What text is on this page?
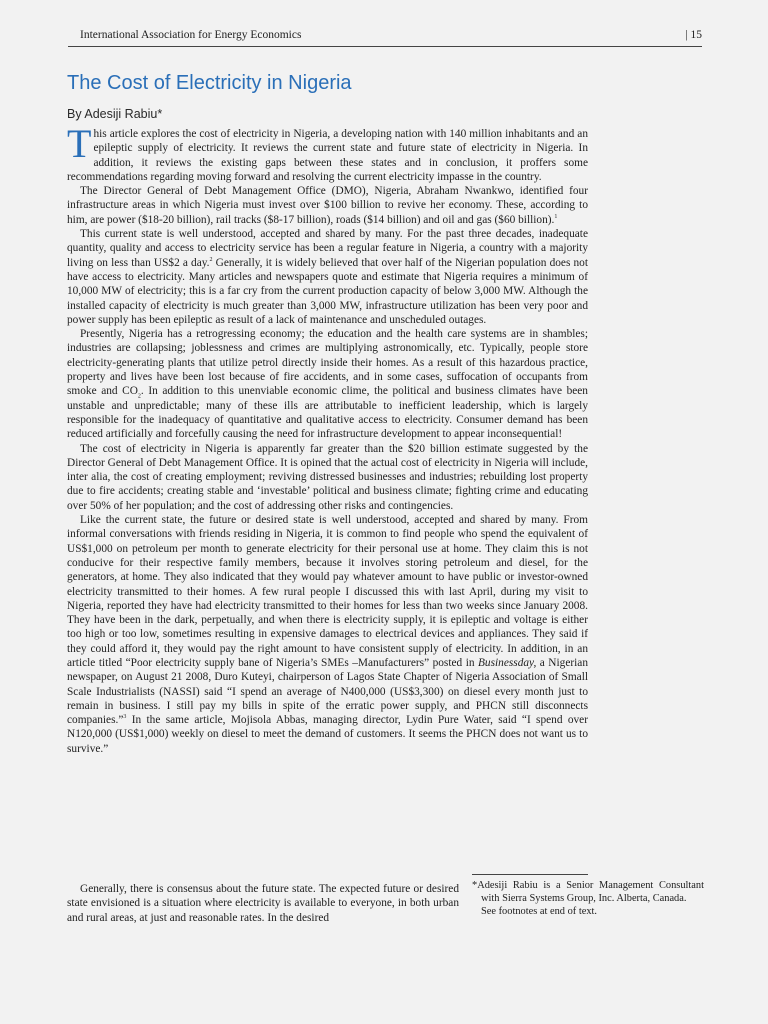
International Association for Energy Economics	| 15
The Cost of Electricity in Nigeria
By Adesiji Rabiu*

This article explores the cost of electricity in Nigeria, a developing nation with 140 million inhabitants and an epileptic supply of electricity. It reviews the current state and future state of electricity in Nigeria. In addition, it reviews the existing gaps between these states and in conclusion, it proffers some recommendations regarding moving forward and resolving the current electricity impasse in the country.

The Director General of Debt Management Office (DMO), Nigeria, Abraham Nwankwo, identified four infrastructure areas in which Nigeria must invest over $100 billion to revive her economy. These, according to him, are power ($18-20 billion), rail tracks ($8-17 billion), roads ($14 billion) and oil and gas ($60 billion).$^1$

This current state is well understood, accepted and shared by many. For the past three decades, inadequate quantity, quality and access to electricity service has been a regular feature in Nigeria, a country with a majority living on less than US$2 a day.$^2$ Generally, it is widely believed that over half of the Nigerian population does not have access to electricity. Many articles and newspapers quote and estimate that Nigeria requires a minimum of 10,000 MW of electricity; this is a far cry from the current production capacity of below 3,000 MW. Although the installed capacity of electricity is much greater than 3,000 MW, infrastructure utilization has been very poor and power supply has been epileptic as result of a lack of maintenance and unscheduled outages.

Presently, Nigeria has a retrogressing economy; the education and the health care systems are in shambles; industries are collapsing; joblessness and crimes are multiplying astronomically, etc. Typically, people store electricity-generating plants that utilize petrol directly inside their homes. As a result of this hazardous practice, property and lives have been lost because of fire accidents, and in some cases, suffocation of occupants from smoke and $CO_2$. In addition to this unenviable economic clime, the political and business climates have been unstable and unpredictable; many of these ills are attributable to inefficient leadership, which is largely responsible for the inadequacy of quantitative and qualitative access to electricity. Consumer demand has been reduced artificially and forcefully causing the need for infrastructure development to appear inconsequential!

The cost of electricity in Nigeria is apparently far greater than the $20 billion estimate suggested by the Director General of Debt Management Office. It is opined that the actual cost of electricity in Nigeria will include, inter alia, the cost of creating employment; reviving distressed businesses and industries; rebuilding lost property due to fire accidents; creating stable and ‘investable’ political and business climate; fighting crime and educating over 50% of her population; and the cost of addressing other risks and contingencies.

Like the current state, the future or desired state is well understood, accepted and shared by many. From informal conversations with friends residing in Nigeria, it is common to find people who spend the equivalent of US$1,000 on petroleum per month to generate electricity for their personal use at home. They claim this is not conducive for their respective family members, because it involves storing petroleum and diesel, for the generators, at home. They also indicated that they would pay whatever amount to have public or investor-owned electricity transmitted to their homes. A few rural people I discussed this with last April, during my visit to Nigeria, reported they have had electricity transmitted to their homes for less than two weeks since January 2008. They have been in the dark, perpetually, and when there is electricity supply, it is epileptic and voltage is either too high or too low, sometimes resulting in expensive damages to electrical devices and appliances. They said if they could afford it, they would pay the right amount to have consistent supply of electricity. In addition, in an article titled “Poor electricity supply bane of Nigeria’s SMEs –Manufacturers” posted in Businessday, a Nigerian newspaper, on August 21 2008, Duro Kuteyi, chairperson of Lagos State Chapter of Nigeria Association of Small Scale Industrialists (NASSI) said “I spend an average of N400,000 (US$3,300) on diesel every month just to remain in business. I still pay my bills in spite of the erratic power supply, and PHCN still disconnects companies.”$^3$ In the same article, Mojisola Abbas, managing director, Lydin Pure Water, said “I spend over N120,000 (US$1,000) weekly on diesel to meet the demand of customers. It seems the PHCN does not want us to survive.”

Generally, there is consensus about the future state. The expected future or desired state envisioned is a situation where electricity is available to everyone, in both urban and rural areas, at just and reasonable rates. In the desired

*Adesiji Rabiu is a Senior Management Consultant with Sierra Systems Group, Inc. Alberta, Canada.
See footnotes at end of text.
